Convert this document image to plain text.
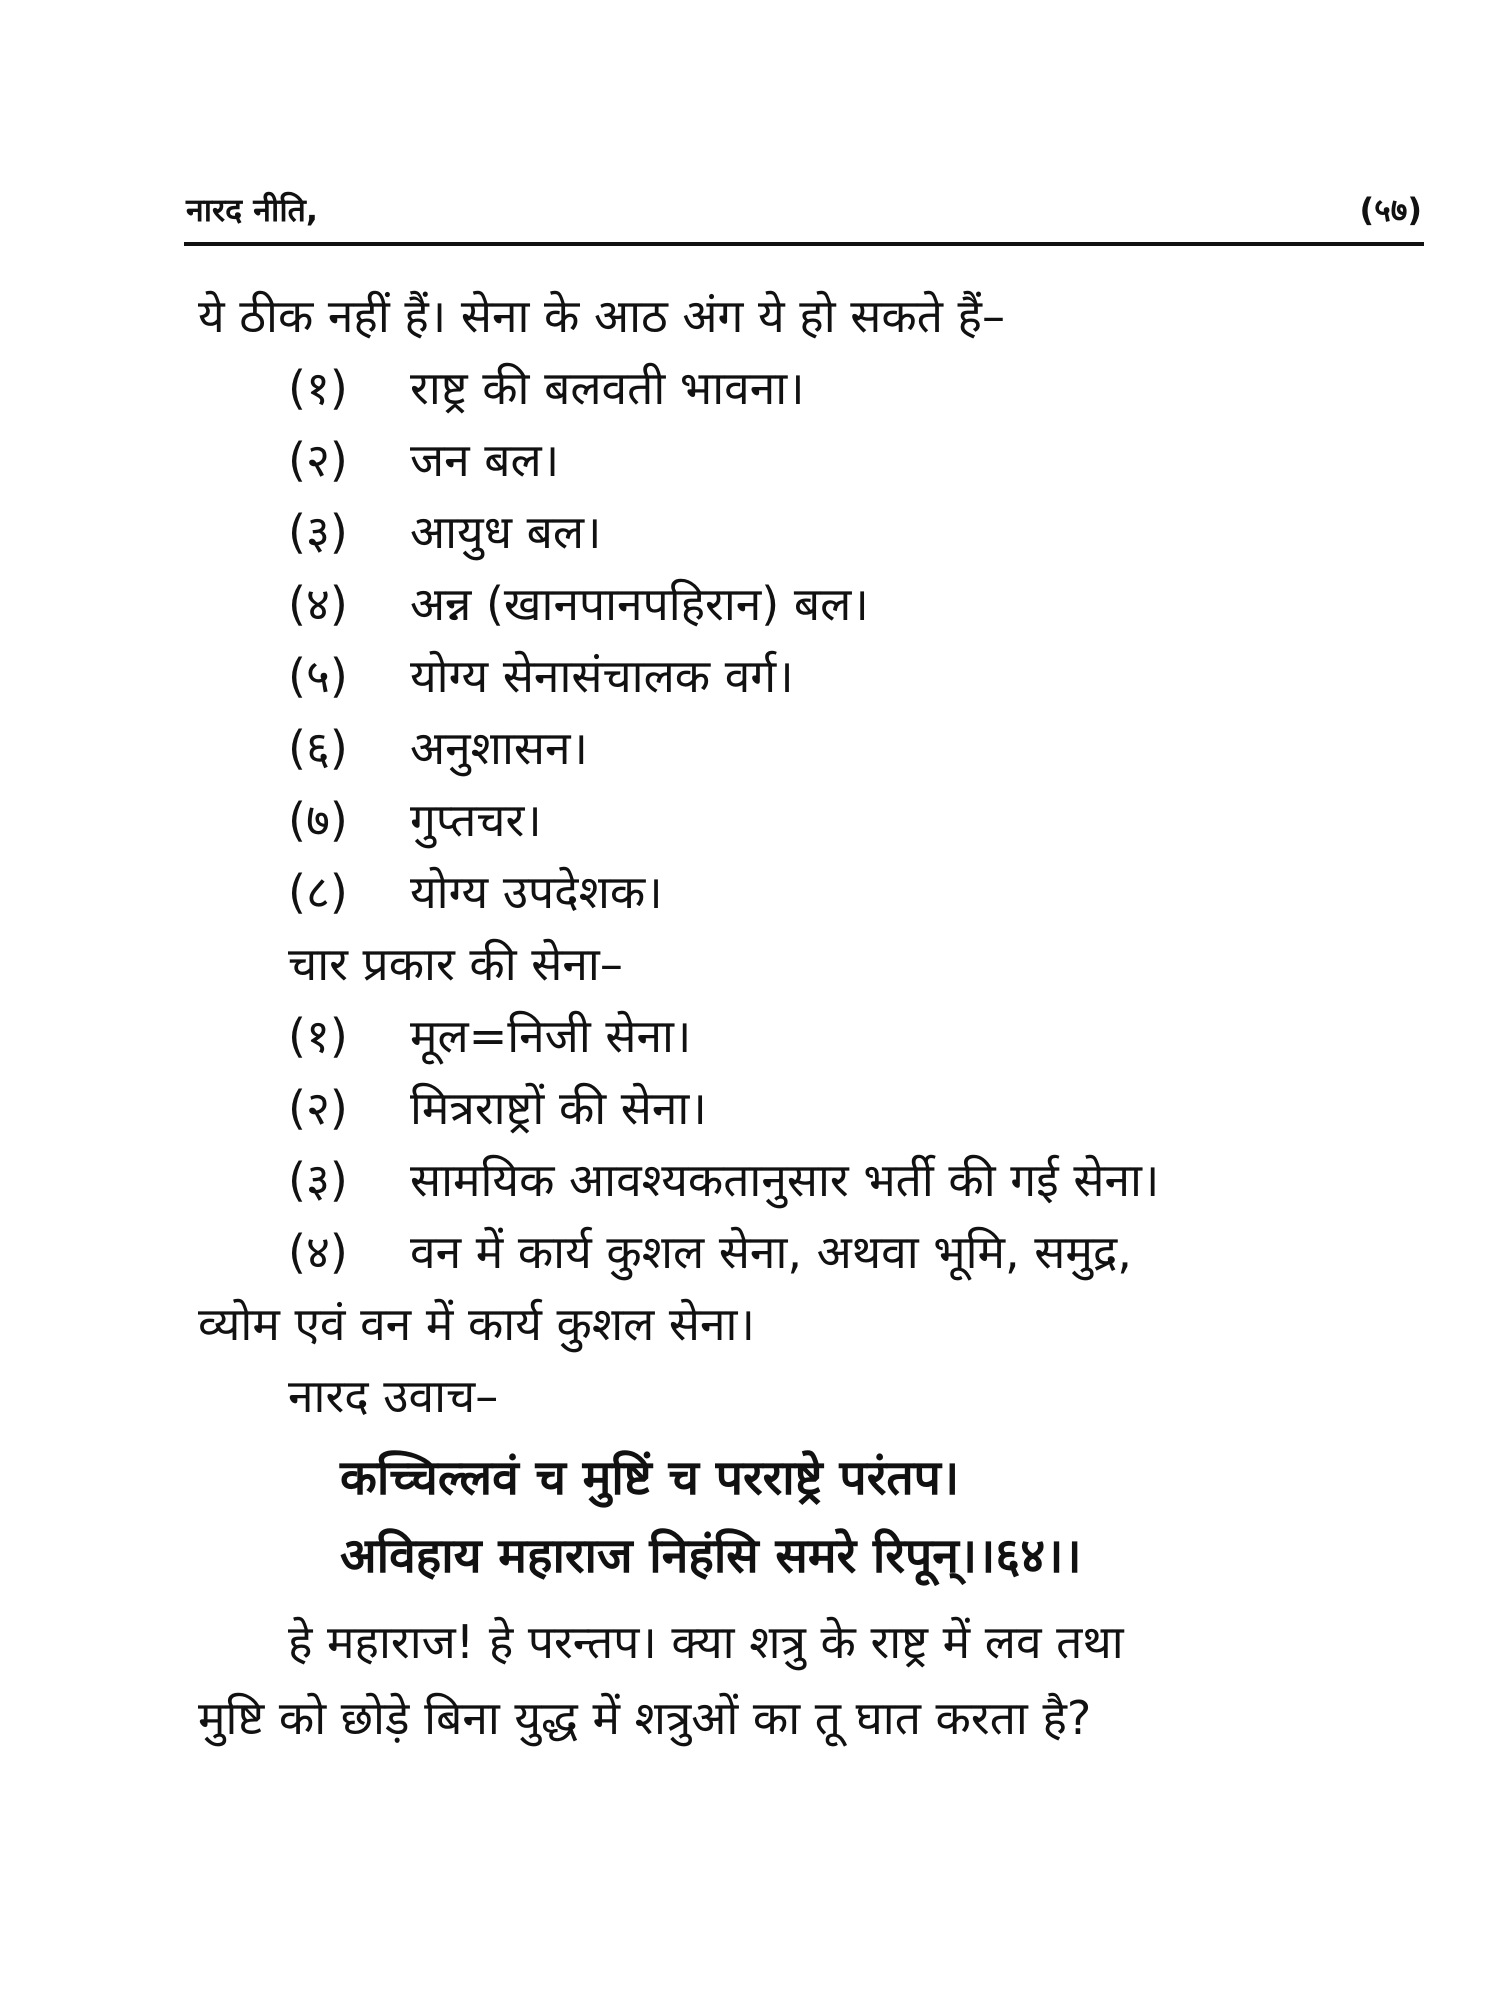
नारद नीति,	(५७)
ये ठीक नहीं हैं। सेना के आठ अंग ये हो सकते हैं–
(१) राष्ट्र की बलवती भावना।
(२) जन बल।
(३) आयुध बल।
(४) अन्न (खानपानपहिरान) बल।
(५) योग्य सेनासंचालक वर्ग।
(६) अनुशासन।
(७) गुप्तचर।
(८) योग्य उपदेशक।
चार प्रकार की सेना–
(१) मूल=निजी सेना।
(२) मित्रराष्ट्रों की सेना।
(३) सामयिक आवश्यकतानुसार भर्ती की गई सेना।
(४) वन में कार्य कुशल सेना, अथवा भूमि, समुद्र,
व्योम एवं वन में कार्य कुशल सेना।
नारद उवाच–
कच्चिल्लवं च मुष्टिं च परराष्ट्रे परंतप।
अविहाय महाराज निहंसि समरे रिपून्।।६४।।
हे महाराज! हे परन्तप। क्या शत्रु के राष्ट्र में लव तथा
मुष्टि को छोड़े बिना युद्ध में शत्रुओं का तू घात करता है?
